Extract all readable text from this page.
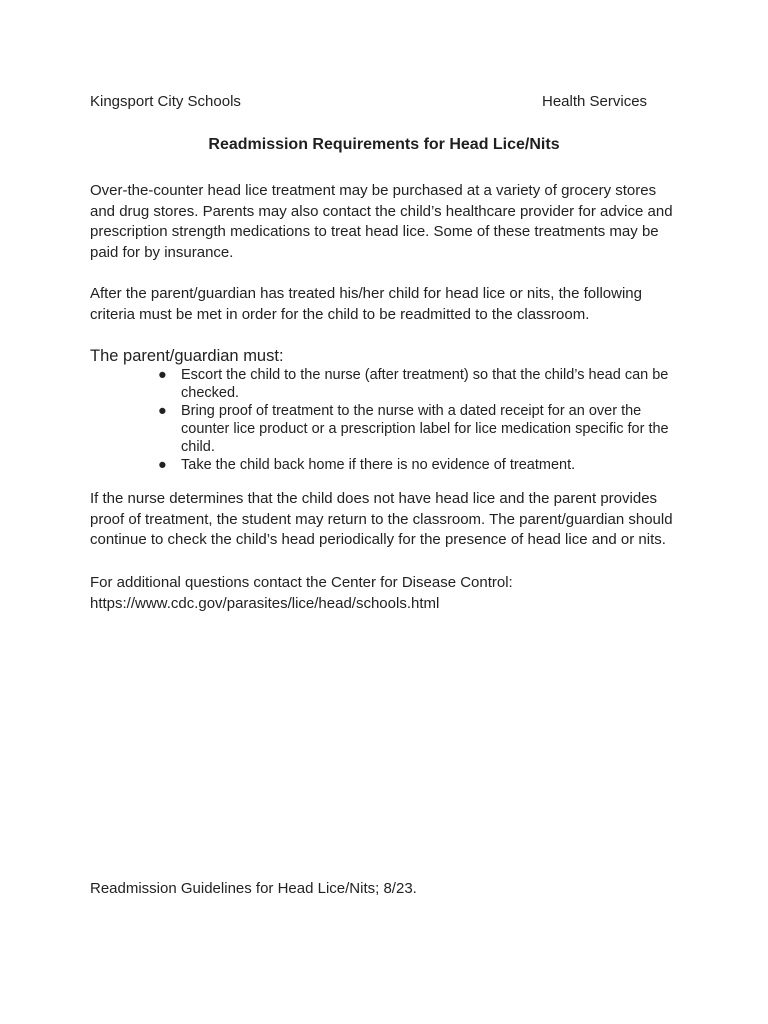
Kingsport City Schools	Health Services
Readmission Requirements for Head Lice/Nits

Over-the-counter head lice treatment may be purchased at a variety of grocery stores and drug stores. Parents may also contact the child’s healthcare provider for advice and prescription strength medications to treat head lice. Some of these treatments may be paid for by insurance.

After the parent/guardian has treated his/her child for head lice or nits, the following criteria must be met in order for the child to be readmitted to the classroom.

The parent/guardian must:

● Escort the child to the nurse (after treatment) so that the child’s head can be checked.
● Bring proof of treatment to the nurse with a dated receipt for an over the counter lice product or a prescription label for lice medication specific for the child.
● Take the child back home if there is no evidence of treatment.

If the nurse determines that the child does not have head lice and the parent provides proof of treatment, the student may return to the classroom. The parent/guardian should continue to check the child’s head periodically for the presence of head lice and or nits.

For additional questions contact the Center for Disease Control:
https://www.cdc.gov/parasites/lice/head/schools.html
Readmission Guidelines for Head Lice/Nits; 8/23.
